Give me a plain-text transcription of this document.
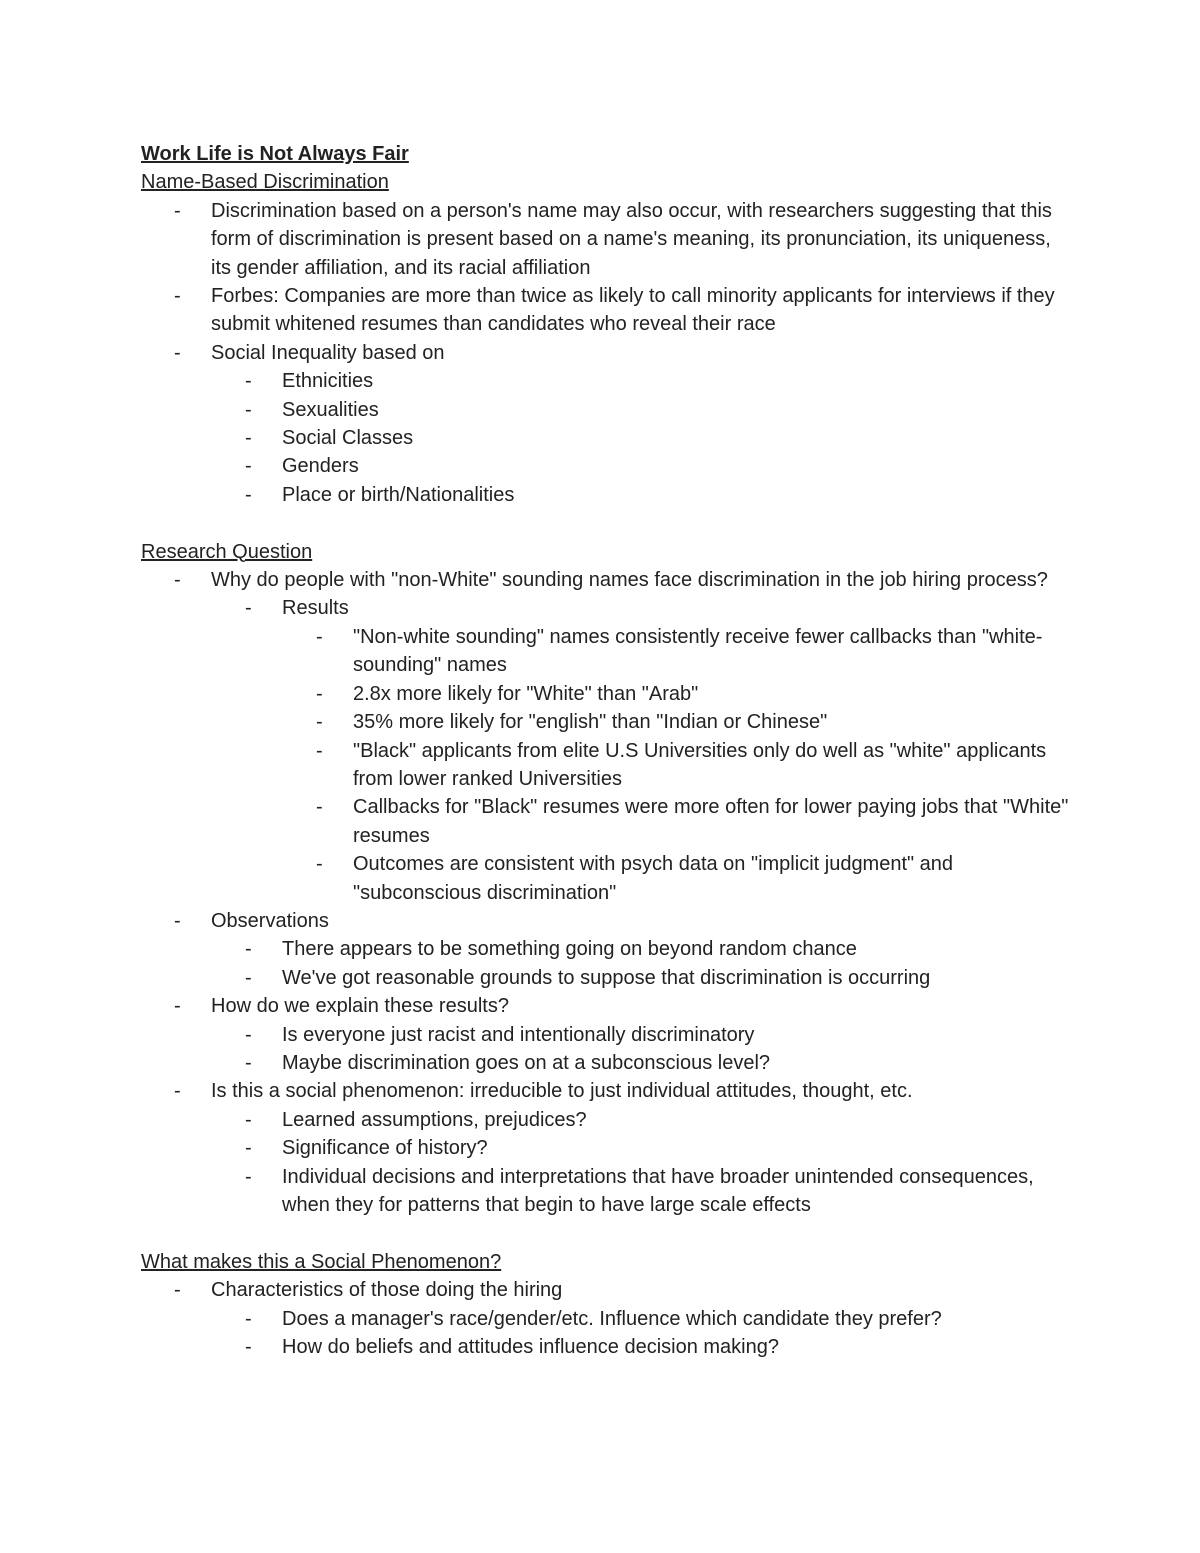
Work Life is Not Always Fair
Name-Based Discrimination
- Discrimination based on a person's name may also occur, with researchers suggesting that this form of discrimination is present based on a name's meaning, its pronunciation, its uniqueness, its gender affiliation, and its racial affiliation
- Forbes: Companies are more than twice as likely to call minority applicants for interviews if they submit whitened resumes than candidates who reveal their race
- Social Inequality based on
- Ethnicities
- Sexualities
- Social Classes
- Genders
- Place or birth/Nationalities
Research Question
- Why do people with "non-White" sounding names face discrimination in the job hiring process?
- Results
- "Non-white sounding" names consistently receive fewer callbacks than "white-sounding" names
- 2.8x more likely for "White" than "Arab"
- 35% more likely for "english" than "Indian or Chinese"
- "Black" applicants from elite U.S Universities only do well as "white" applicants from lower ranked Universities
- Callbacks for "Black" resumes were more often for lower paying jobs that "White" resumes
- Outcomes are consistent with psych data on "implicit judgment" and "subconscious discrimination"
- Observations
- There appears to be something going on beyond random chance
- We've got reasonable grounds to suppose that discrimination is occurring
- How do we explain these results?
- Is everyone just racist and intentionally discriminatory
- Maybe discrimination goes on at a subconscious level?
- Is this a social phenomenon: irreducible to just individual attitudes, thought, etc.
- Learned assumptions, prejudices?
- Significance of history?
- Individual decisions and interpretations that have broader unintended consequences, when they for patterns that begin to have large scale effects
What makes this a Social Phenomenon?
- Characteristics of those doing the hiring
- Does a manager's race/gender/etc. Influence which candidate they prefer?
- How do beliefs and attitudes influence decision making?
